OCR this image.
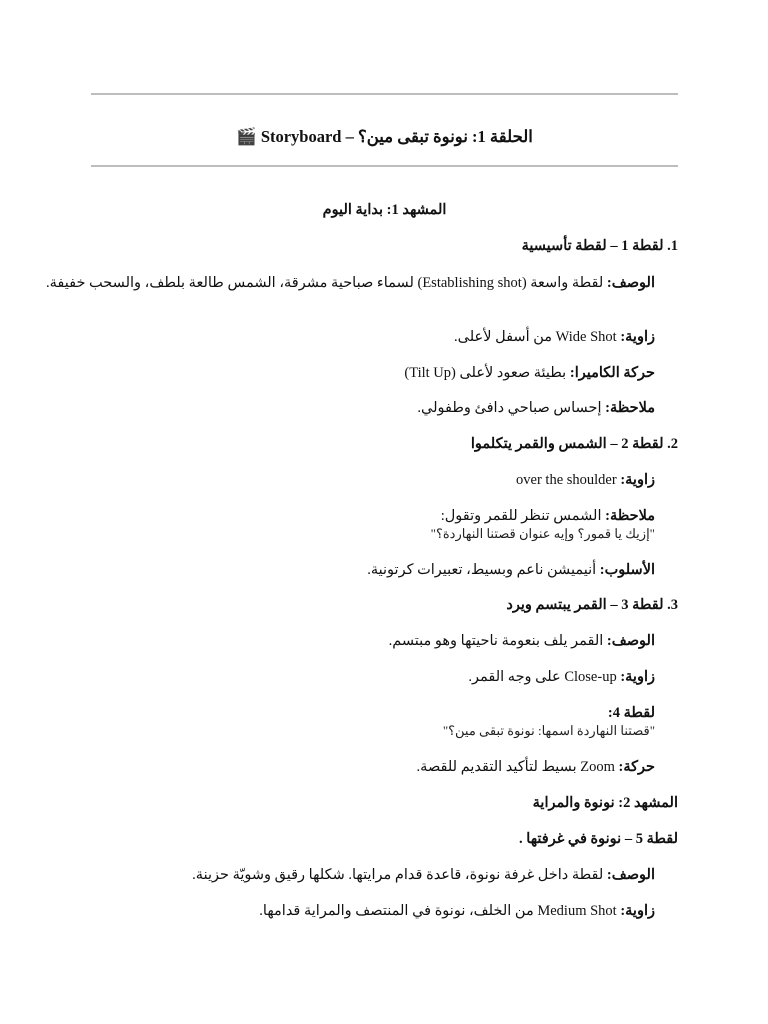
الحلقة 1: نونوة تبقى مين؟ – Storyboard 🎬
المشهد 1: بداية اليوم
1. لقطة 1 – لقطة تأسيسية
الوصف: لقطة واسعة (Establishing shot) لسماء صباحية مشرقة، الشمس طالعة بلطف، والسحب خفيفة.
زاوية: Wide Shot من أسفل لأعلى.
حركة الكاميرا: بطيئة صعود لأعلى (Tilt Up)
ملاحظة: إحساس صباحي دافئ وطفولي.
2. لقطة 2 – الشمس والقمر يتكلموا
زاوية: over the shoulder
ملاحظة: الشمس تنظر للقمر وتقول:
"إزيك يا قمور؟ وإيه عنوان قصتنا النهاردة؟"
الأسلوب: أنيميشن ناعم وبسيط، تعبيرات كرتونية.
3. لقطة 3 – القمر يبتسم ويرد
الوصف: القمر يلف بنعومة ناحيتها وهو مبتسم.
زاوية: Close-up على وجه القمر.
لقطة 4:
"قصتنا النهاردة اسمها: نونوة تبقى مين؟"
حركة: Zoom بسيط لتأكيد التقديم للقصة.
المشهد 2: نونوة والمراية
لقطة 5 – نونوة في غرفتها .
الوصف: لقطة داخل غرفة نونوة، قاعدة قدام مرايتها. شكلها رقيق وشويّة حزينة.
زاوية: Medium Shot من الخلف، نونوة في المنتصف والمراية قدامها.
